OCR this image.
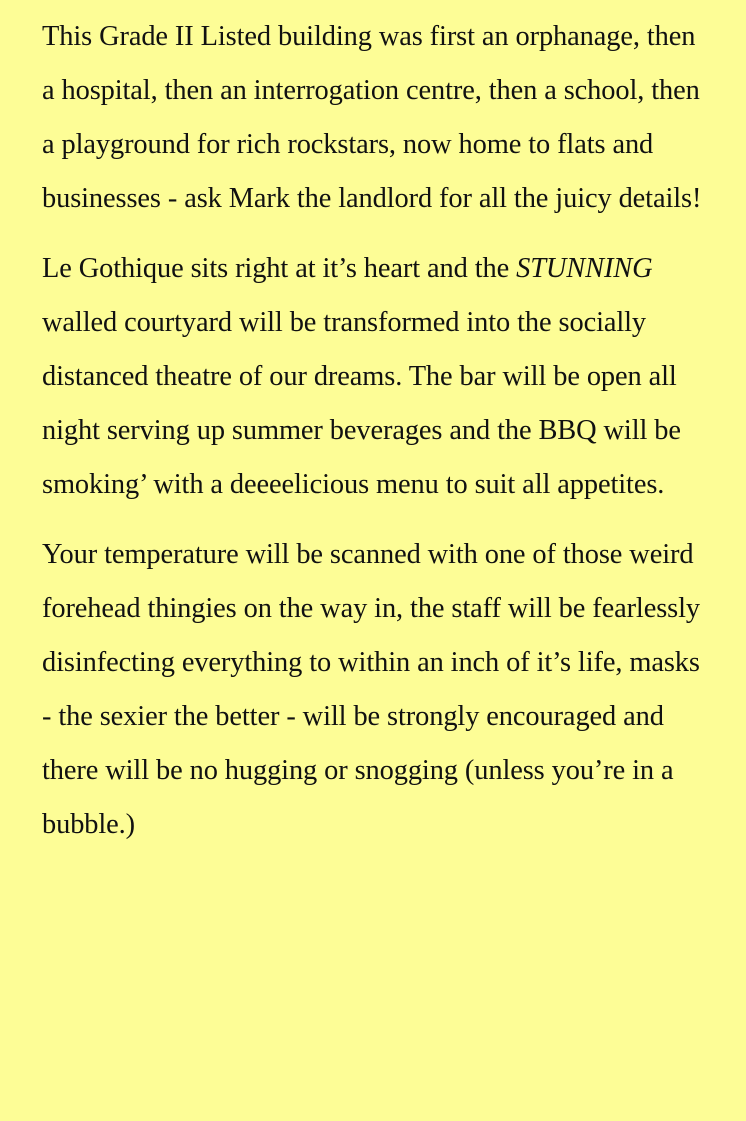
This Grade II Listed building was first an orphanage, then a hospital, then an interrogation centre, then a school, then a playground for rich rockstars, now home to flats and businesses - ask Mark the landlord for all the juicy details!

Le Gothique sits right at it’s heart and the STUNNING walled courtyard will be transformed into the socially distanced theatre of our dreams. The bar will be open all night serving up summer beverages and the BBQ will be smoking’ with a deeeelicious menu to suit all appetites.

Your temperature will be scanned with one of those weird forehead thingies on the way in, the staff will be fearlessly disinfecting everything to within an inch of it’s life, masks - the sexier the better - will be strongly encouraged and there will be no hugging or snogging (unless you’re in a bubble.)
